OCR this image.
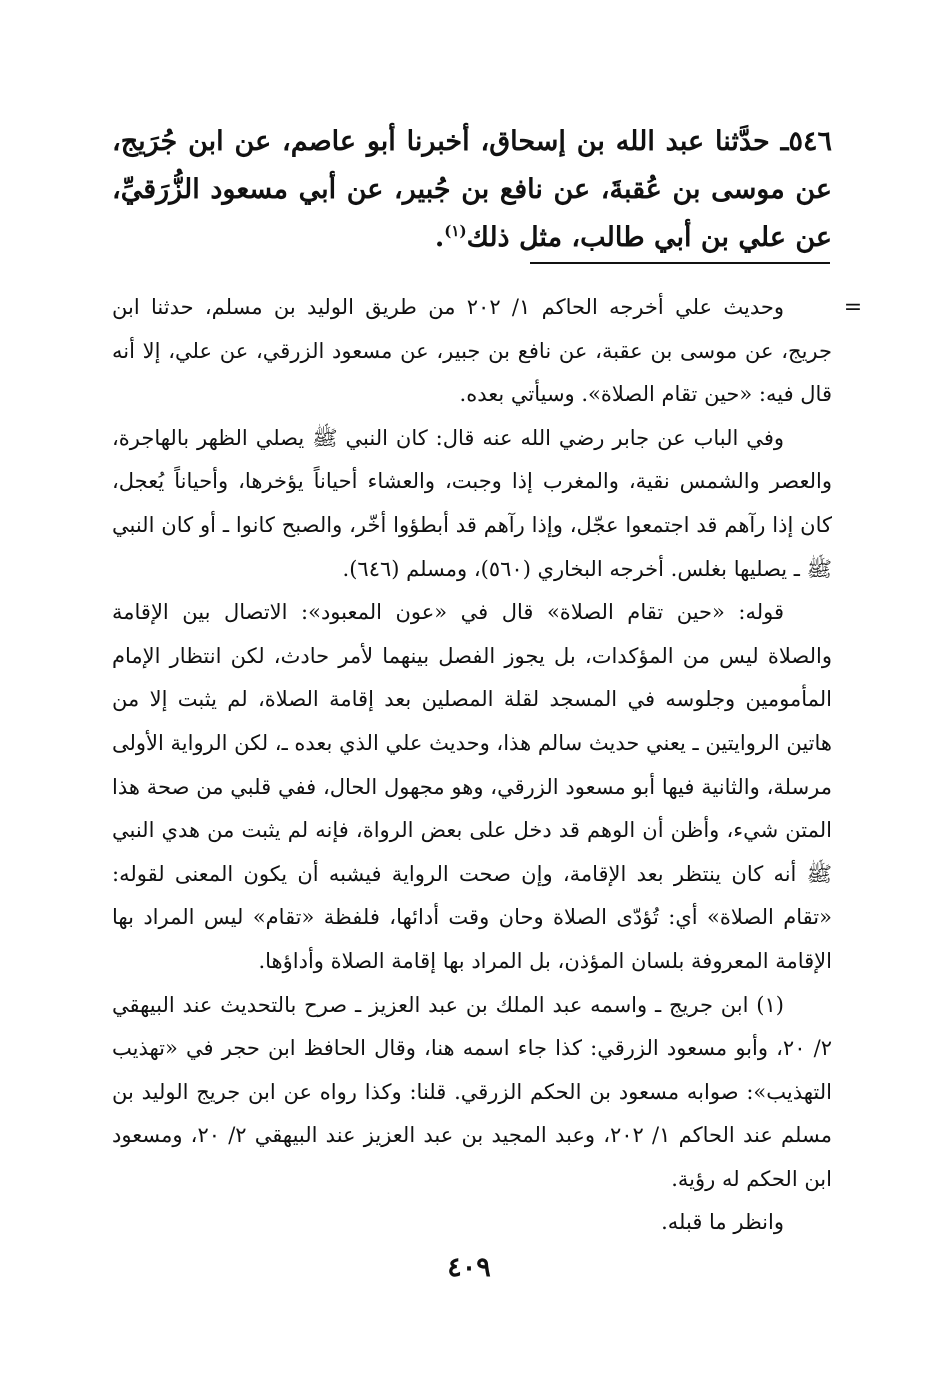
٥٤٦ـ حدَّثنا عبد الله بن إسحاق، أخبرنا أبو عاصم، عن ابن جُرَيج، عن موسى بن عُقبةَ، عن نافع بن جُبير، عن أبي مسعود الزُّرَقيِّ، عن علي بن أبي طالب، مثل ذلك$^{(١)}$.
=

وحديث علي أخرجه الحاكم ١/ ٢٠٢ من طريق الوليد بن مسلم، حدثنا ابن جريج، عن موسى بن عقبة، عن نافع بن جبير، عن مسعود الزرقي، عن علي، إلا أنه قال فيه: «حين تقام الصلاة». وسيأتي بعده.

وفي الباب عن جابر رضي الله عنه قال: كان النبي ﷺ يصلي الظهر بالهاجرة، والعصر والشمس نقية، والمغرب إذا وجبت، والعشاء أحياناً يؤخرها، وأحياناً يُعجل، كان إذا رآهم قد اجتمعوا عجّل، وإذا رآهم قد أبطؤوا أخّر، والصبح كانوا ـ أو كان النبي ﷺ ـ يصليها بغلس. أخرجه البخاري (٥٦٠)، ومسلم (٦٤٦).

قوله: «حين تقام الصلاة» قال في «عون المعبود»: الاتصال بين الإقامة والصلاة ليس من المؤكدات، بل يجوز الفصل بينهما لأمر حادث، لكن انتظار الإمام المأمومين وجلوسه في المسجد لقلة المصلين بعد إقامة الصلاة، لم يثبت إلا من هاتين الروايتين ـ يعني حديث سالم هذا، وحديث علي الذي بعده ـ، لكن الرواية الأولى مرسلة، والثانية فيها أبو مسعود الزرقي، وهو مجهول الحال، ففي قلبي من صحة هذا المتن شيء، وأظن أن الوهم قد دخل على بعض الرواة، فإنه لم يثبت من هدي النبي ﷺ أنه كان ينتظر بعد الإقامة، وإن صحت الرواية فيشبه أن يكون المعنى لقوله: «تقام الصلاة» أي: تُؤدّى الصلاة وحان وقت أدائها، فلفظة «تقام» ليس المراد بها الإقامة المعروفة بلسان المؤذن، بل المراد بها إقامة الصلاة وأداؤها.

(١) ابن جريج ـ واسمه عبد الملك بن عبد العزيز ـ صرح بالتحديث عند البيهقي ٢/ ٢٠، وأبو مسعود الزرقي: كذا جاء اسمه هنا، وقال الحافظ ابن حجر في «تهذيب التهذيب»: صوابه مسعود بن الحكم الزرقي. قلنا: وكذا رواه عن ابن جريج الوليد بن مسلم عند الحاكم ١/ ٢٠٢، وعبد المجيد بن عبد العزيز عند البيهقي ٢/ ٢٠، ومسعود ابن الحكم له رؤية.

وانظر ما قبله.

٤٠٩
